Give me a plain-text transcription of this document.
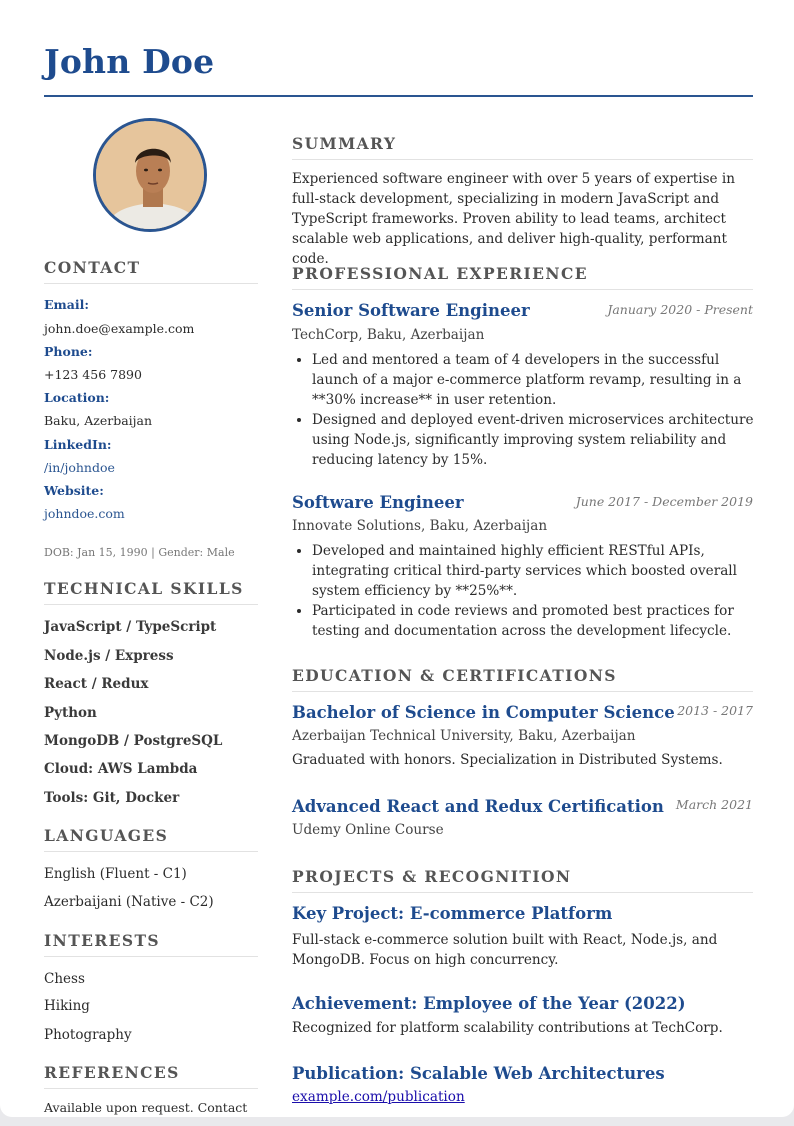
John Doe
CONTACT
Email:
john.doe@example.com
Phone:
+123 456 7890
Location:
Baku, Azerbaijan
LinkedIn:
/in/johndoe
Website:
johndoe.com
DOB: Jan 15, 1990 | Gender: Male
TECHNICAL SKILLS
JavaScript / TypeScript
Node.js / Express
React / Redux
Python
MongoDB / PostgreSQL
Cloud: AWS Lambda
Tools: Git, Docker
LANGUAGES
English (Fluent - C1)
Azerbaijani (Native - C2)
INTERESTS
Chess
Hiking
Photography
REFERENCES
Available upon request. Contact
SUMMARY
Experienced software engineer with over 5 years of expertise in full-stack development, specializing in modern JavaScript and TypeScript frameworks. Proven ability to lead teams, architect scalable web applications, and deliver high-quality, performant code.
PROFESSIONAL EXPERIENCE
Senior Software Engineer	January 2020 - Present
TechCorp, Baku, Azerbaijan
• Led and mentored a team of 4 developers in the successful launch of a major e-commerce platform revamp, resulting in a **30% increase** in user retention.
• Designed and deployed event-driven microservices architecture using Node.js, significantly improving system reliability and reducing latency by 15%.
Software Engineer	June 2017 - December 2019
Innovate Solutions, Baku, Azerbaijan
• Developed and maintained highly efficient RESTful APIs, integrating critical third-party services which boosted overall system efficiency by **25%**.
• Participated in code reviews and promoted best practices for testing and documentation across the development lifecycle.
EDUCATION & CERTIFICATIONS
Bachelor of Science in Computer Science 2013 - 2017
Azerbaijan Technical University, Baku, Azerbaijan
Graduated with honors. Specialization in Distributed Systems.
Advanced React and Redux Certification March 2021
Udemy Online Course
PROJECTS & RECOGNITION
Key Project: E-commerce Platform
Full-stack e-commerce solution built with React, Node.js, and MongoDB. Focus on high concurrency.
Achievement: Employee of the Year (2022)
Recognized for platform scalability contributions at TechCorp.
Publication: Scalable Web Architectures
example.com/publication
